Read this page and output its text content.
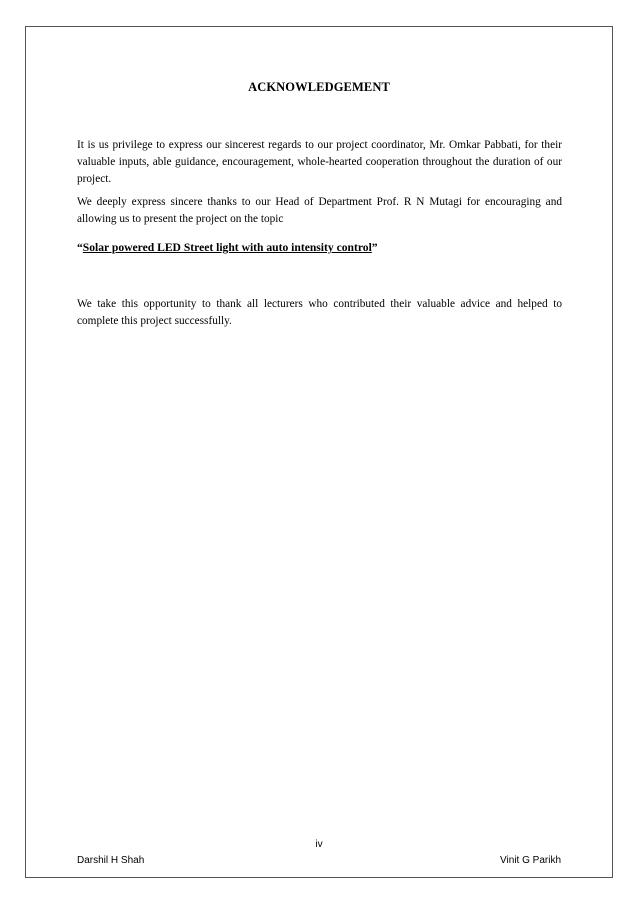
ACKNOWLEDGEMENT
It is us privilege to express our sincerest regards to our project coordinator, Mr. Omkar Pabbati, for their valuable inputs, able guidance, encouragement, whole-hearted cooperation throughout the duration of our project.
We deeply express sincere thanks to our Head of Department Prof. R N Mutagi for encouraging and allowing us to present the project on the topic
“Solar powered LED Street light with auto intensity control”
We take this opportunity to thank all lecturers who contributed their valuable advice and helped to complete this project successfully.
iv
Darshil H Shah	Vinit G Parikh
